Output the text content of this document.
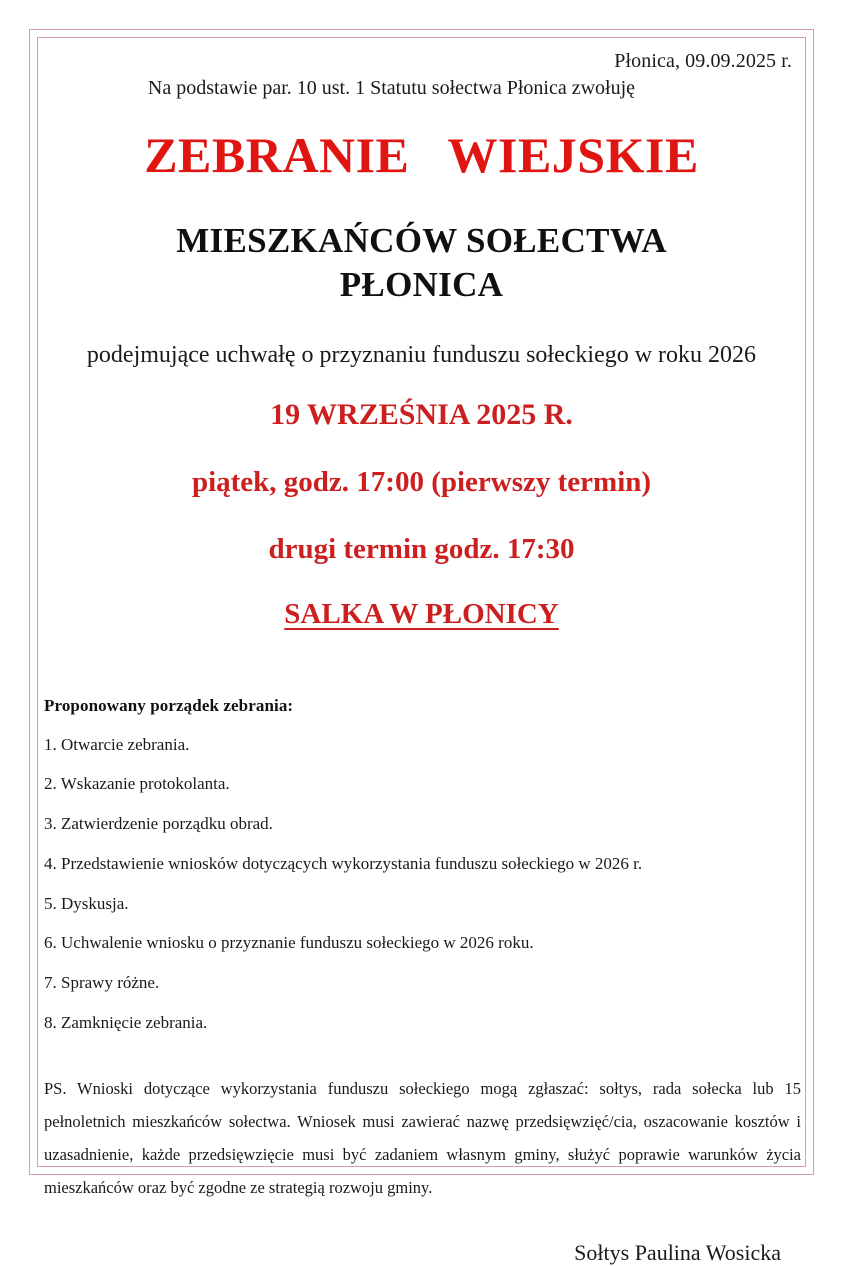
Płonica, 09.09.2025 r.
Na podstawie par. 10 ust. 1 Statutu sołectwa Płonica zwołuję
ZEBRANIE   WIEJSKIE
MIESZKAŃCÓW SOŁECTWA
PŁONICA
podejmujące uchwałę o przyznaniu funduszu sołeckiego w roku 2026
19 WRZEŚNIA 2025 R.
piątek, godz. 17:00 (pierwszy termin)
drugi termin godz. 17:30
SALKA W PŁONICY
Proponowany porządek zebrania:
1. Otwarcie zebrania.
2. Wskazanie protokolanta.
3. Zatwierdzenie porządku obrad.
4. Przedstawienie wniosków dotyczących wykorzystania funduszu sołeckiego w 2026 r.
5. Dyskusja.
6. Uchwalenie wniosku o przyznanie funduszu sołeckiego w 2026 roku.
7. Sprawy różne.
8. Zamknięcie zebrania.
PS. Wnioski dotyczące wykorzystania funduszu sołeckiego mogą zgłaszać: sołtys, rada sołecka lub 15 pełnoletnich mieszkańców sołectwa. Wniosek musi zawierać nazwę przedsięwzięć/cia, oszacowanie kosztów i uzasadnienie, każde przedsięwzięcie musi być zadaniem własnym gminy, służyć poprawie warunków życia mieszkańców oraz być zgodne ze strategią rozwoju gminy.
Sołtys Paulina Wosicka
